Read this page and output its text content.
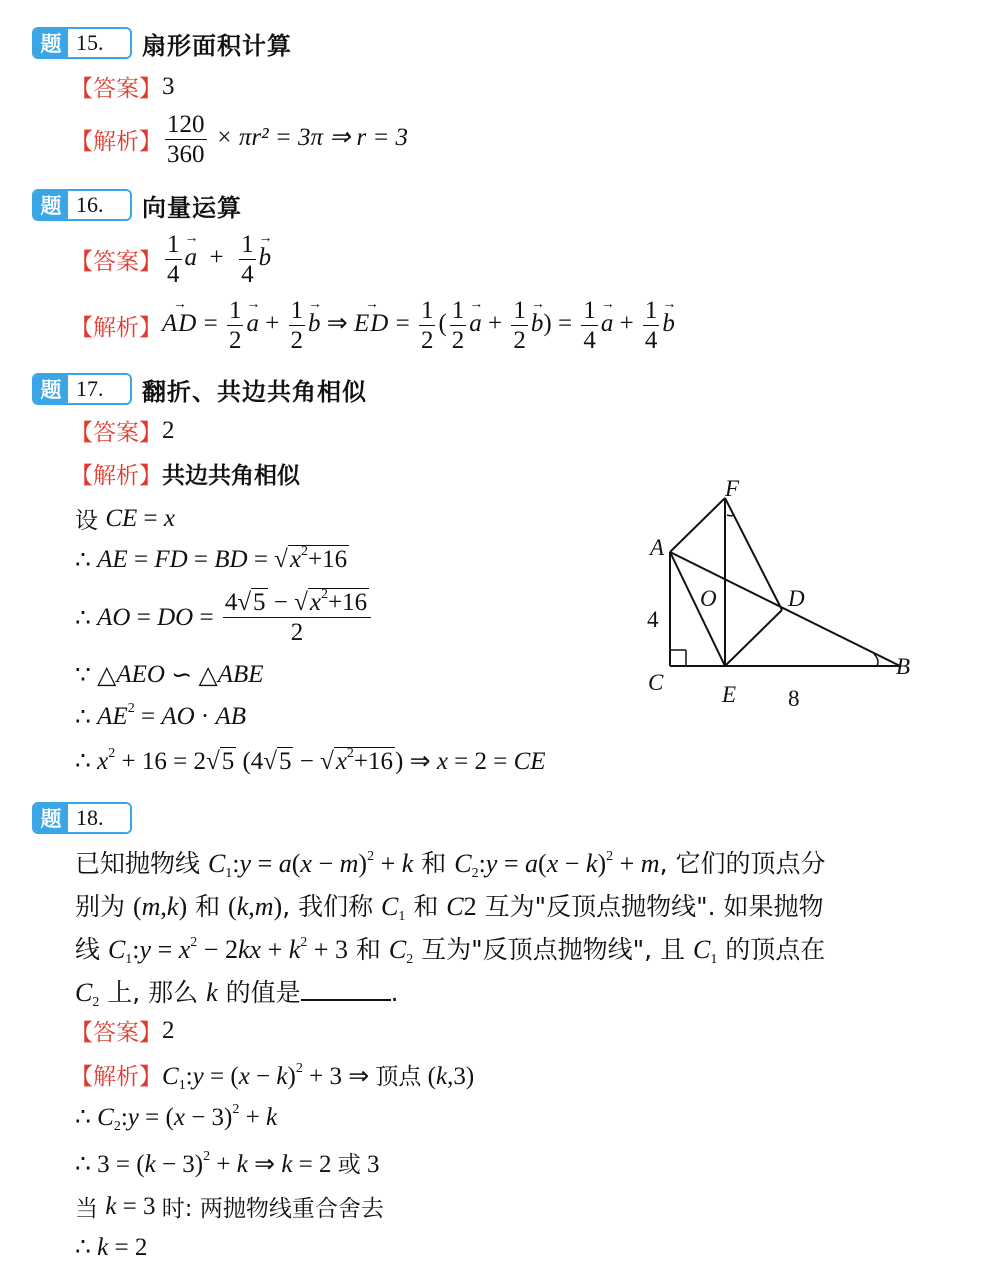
题 15.	扇形面积计算
【答案】 3
【解析】 $\frac{120}{360} \times \pi r^2 = 3\pi$ ⇒ r = 3
题 16.	向量运算
【答案】 $\frac{1}{4}$ a →  + $\frac{1}{4}$ b →
【解析】 AD → = $\frac{1}{2}$ a → + $\frac{1}{2}$ b → ⇒ ED → = $\frac{1}{2}$ ( $\frac{1}{2}$ a → + $\frac{1}{2}$ b →) = $\frac{1}{4}$ a → + $\frac{1}{4}$ b →
题 17.	翻折、共边共角相似
【答案】 2
【解析】 共边共角相似
设 CE = x
∴ AE = FD = BD = $√x^2+16$
∴ AO = DO = $\frac{4√5 - √x^2+16}{2}$
∵ △ AEO ∽ △ ABE
∴ AE $^2$ = AO · AB
∴ $x^2 + 16 = 2√5$ $(4√5 - √x^2+16)$ ⇒ x = 2 = CE
F
A
O	D
C	E
B
4
8
题 18.
已知抛物线 $C_1:y = a(x - m)^2 + k$ 和 $C_2:y = a(x - k)^2 + m$, 它们的顶点分
别为 (m,k) 和 (k,m), 我们称 $C_1$ 和 C2 互为"反顶点抛物线". 如果抛物
线 $C_1:y = x^2 - 2kx + k^2 + 3$ 和 $C_2$ 互为"反顶点抛物线", 且 $C_1$ 的顶点在
$C_2$ 上, 那么 k 的值是	.
【答案】 2
【解析】 $C_1:y = (x - k)^2 + 3$ ⇒ 顶点 (k,3)
∴ $C_2:y = (x - 3)^2 + k$
∴ $3 = (k - 3)^2 + k$ ⇒ k = 2 或 3
当 k = 3 时: 两抛物线重合舍去
∴ k = 2
